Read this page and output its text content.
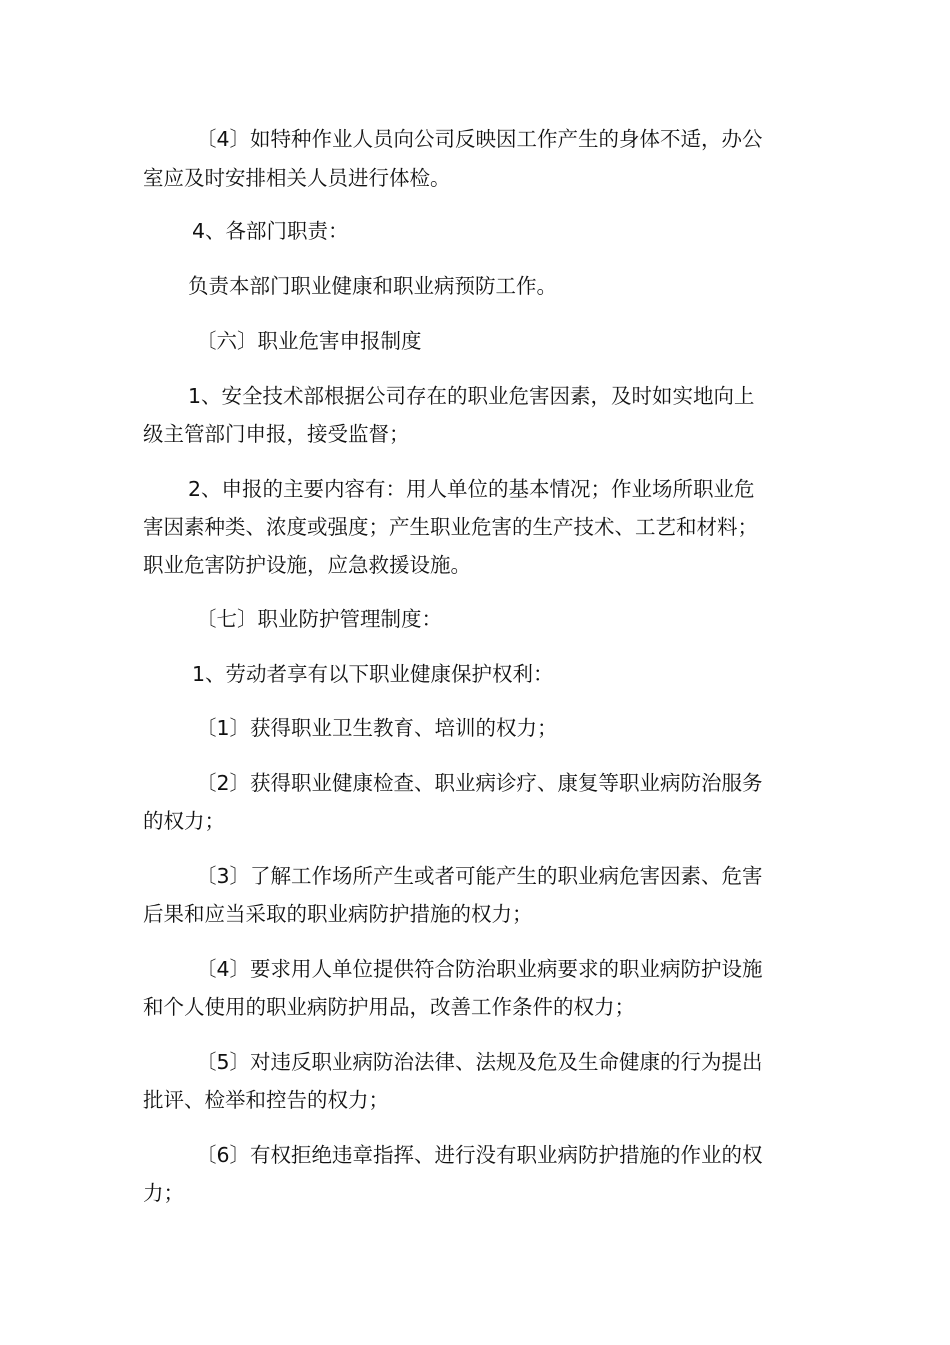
〔4〕如特种作业人员向公司反映因工作产生的身体不适，办公
室应及时安排相关人员进行体检。
4、各部门职责：
负责本部门职业健康和职业病预防工作。
〔六〕职业危害申报制度
1、安全技术部根据公司存在的职业危害因素，及时如实地向上
级主管部门申报，接受监督；
2、申报的主要内容有：用人单位的基本情况；作业场所职业危
害因素种类、浓度或强度；产生职业危害的生产技术、工艺和材料；
职业危害防护设施，应急救援设施。
〔七〕职业防护管理制度：
1、劳动者享有以下职业健康保护权利：
〔1〕获得职业卫生教育、培训的权力；
〔2〕获得职业健康检查、职业病诊疗、康复等职业病防治服务
的权力；
〔3〕了解工作场所产生或者可能产生的职业病危害因素、危害
后果和应当采取的职业病防护措施的权力；
〔4〕要求用人单位提供符合防治职业病要求的职业病防护设施
和个人使用的职业病防护用品，改善工作条件的权力；
〔5〕对违反职业病防治法律、法规及危及生命健康的行为提出
批评、检举和控告的权力；
〔6〕有权拒绝违章指挥、进行没有职业病防护措施的作业的权
力；
